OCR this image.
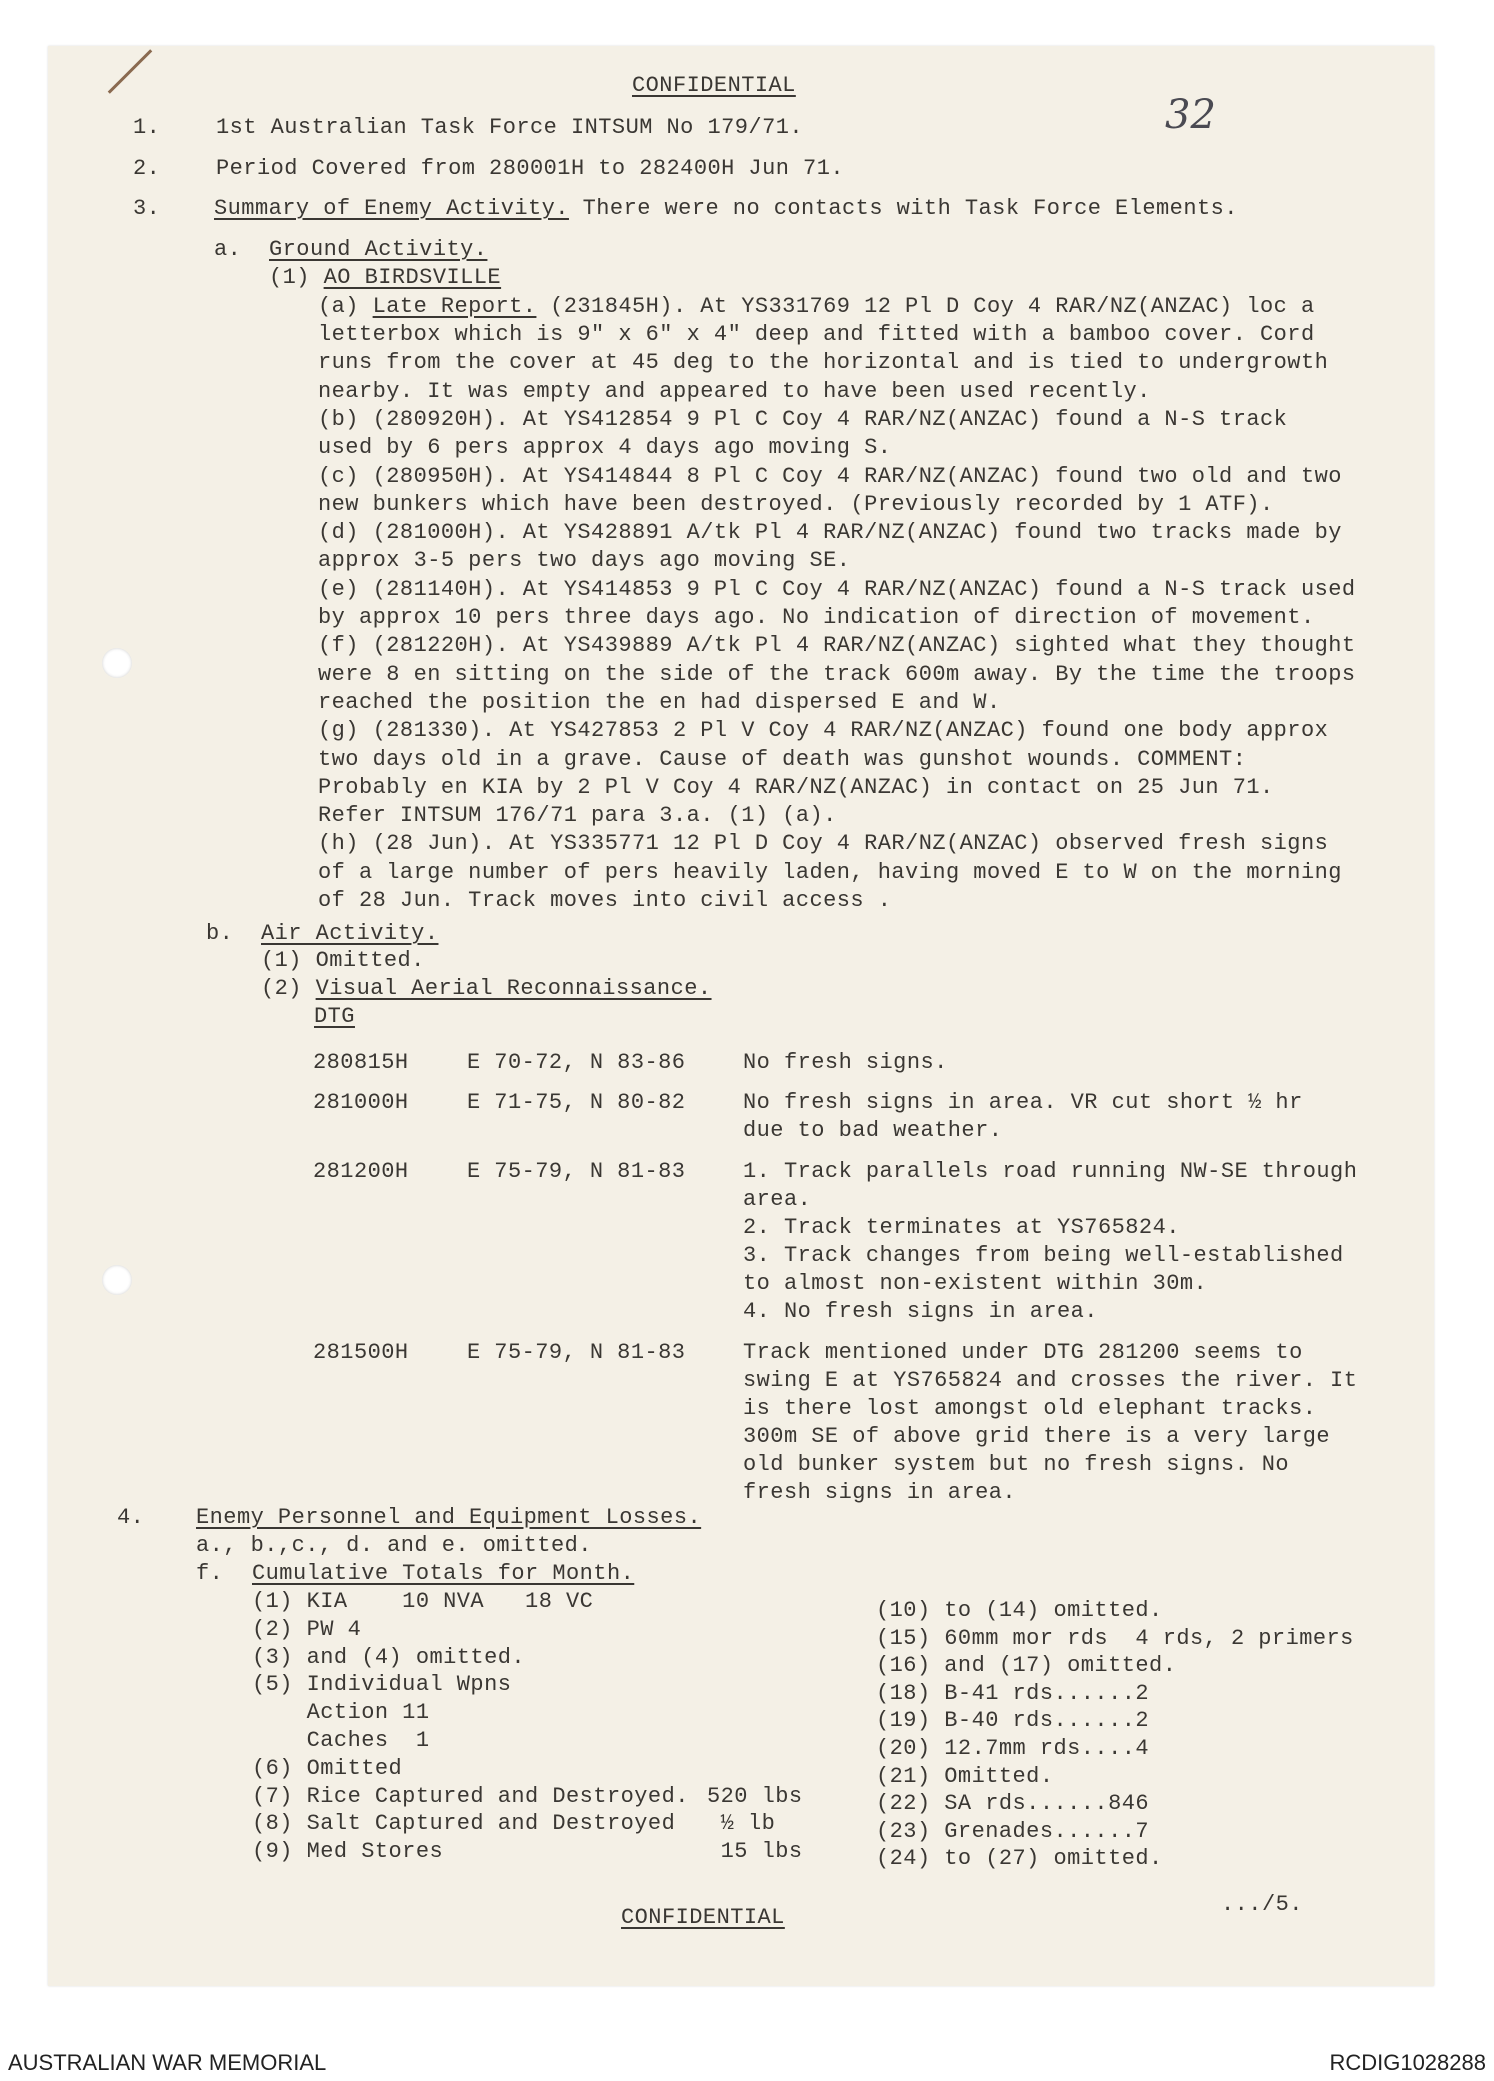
CONFIDENTIAL
32
1.	1st Australian Task Force INTSUM No 179/71.
2.	Period Covered from 280001H to 282400H Jun 71.
3. Summary of Enemy Activity. There were no contacts with Task Force Elements.
a. Ground Activity.
(1) AO BIRDSVILLE
(a) Late Report. (231845H). At YS331769 12 Pl D Coy 4 RAR/NZ(ANZAC) loc a
letterbox which is 9" x 6" x 4" deep and fitted with a bamboo cover. Cord
runs from the cover at 45 deg to the horizontal and is tied to undergrowth
nearby. It was empty and appeared to have been used recently.
(b) (280920H). At YS412854 9 Pl C Coy 4 RAR/NZ(ANZAC) found a N-S track
used by 6 pers approx 4 days ago moving S.
(c) (280950H). At YS414844 8 Pl C Coy 4 RAR/NZ(ANZAC) found two old and two
new bunkers which have been destroyed. (Previously recorded by 1 ATF).
(d) (281000H). At YS428891 A/tk Pl 4 RAR/NZ(ANZAC) found two tracks made by
approx 3-5 pers two days ago moving SE.
(e) (281140H). At YS414853 9 Pl C Coy 4 RAR/NZ(ANZAC) found a N-S track used
by approx 10 pers three days ago. No indication of direction of movement.
(f) (281220H). At YS439889 A/tk Pl 4 RAR/NZ(ANZAC) sighted what they thought
were 8 en sitting on the side of the track 600m away. By the time the troops
reached the position the en had dispersed E and W.
(g) (281330). At YS427853 2 Pl V Coy 4 RAR/NZ(ANZAC) found one body approx
two days old in a grave. Cause of death was gunshot wounds. COMMENT:
Probably en KIA by 2 Pl V Coy 4 RAR/NZ(ANZAC) in contact on 25 Jun 71.
Refer INTSUM 176/71 para 3.a. (1) (a).
(h) (28 Jun). At YS335771 12 Pl D Coy 4 RAR/NZ(ANZAC) observed fresh signs
of a large number of pers heavily laden, having moved E to W on the morning
of 28 Jun. Track moves into civil access .
b. Air Activity.
(1) Omitted.
(2) Visual Aerial Reconnaissance.
DTG
280815H	E 70-72, N 83-86	No fresh signs.
281000H	E 71-75, N 80-82	No fresh signs in area. VR cut short ½ hr
due to bad weather.
281200H	E 75-79, N 81-83	1. Track parallels road running NW-SE through
area.
2. Track terminates at YS765824.
3. Track changes from being well-established
to almost non-existent within 30m.
4. No fresh signs in area.
281500H	E 75-79, N 81-83	Track mentioned under DTG 281200 seems to
swing E at YS765824 and crosses the river. It
is there lost amongst old elephant tracks.
300m SE of above grid there is a very large
old bunker system but no fresh signs. No
fresh signs in area.
4. Enemy Personnel and Equipment Losses.
a., b.,c., d. and e. omitted.
f. Cumulative Totals for Month.
(1) KIA    10 NVA   18 VC
(2) PW 4
(3) and (4) omitted.
(5) Individual Wpns
Action 11
Caches  1
(6) Omitted
(7) Rice Captured and Destroyed. 520 lbs
(8) Salt Captured and Destroyed ½ lb
(9) Med Stores	15 lbs
(10) to (14) omitted.
(15) 60mm mor rds  4 rds, 2 primers
(16) and (17) omitted.
(18) B-41 rds......2
(19) B-40 rds......2
(20) 12.7mm rds....4
(21) Omitted.
(22) SA rds......846
(23) Grenades......7
(24) to (27) omitted.
CONFIDENTIAL
.../5.
AUSTRALIAN WAR MEMORIAL	RCDIG1028288
